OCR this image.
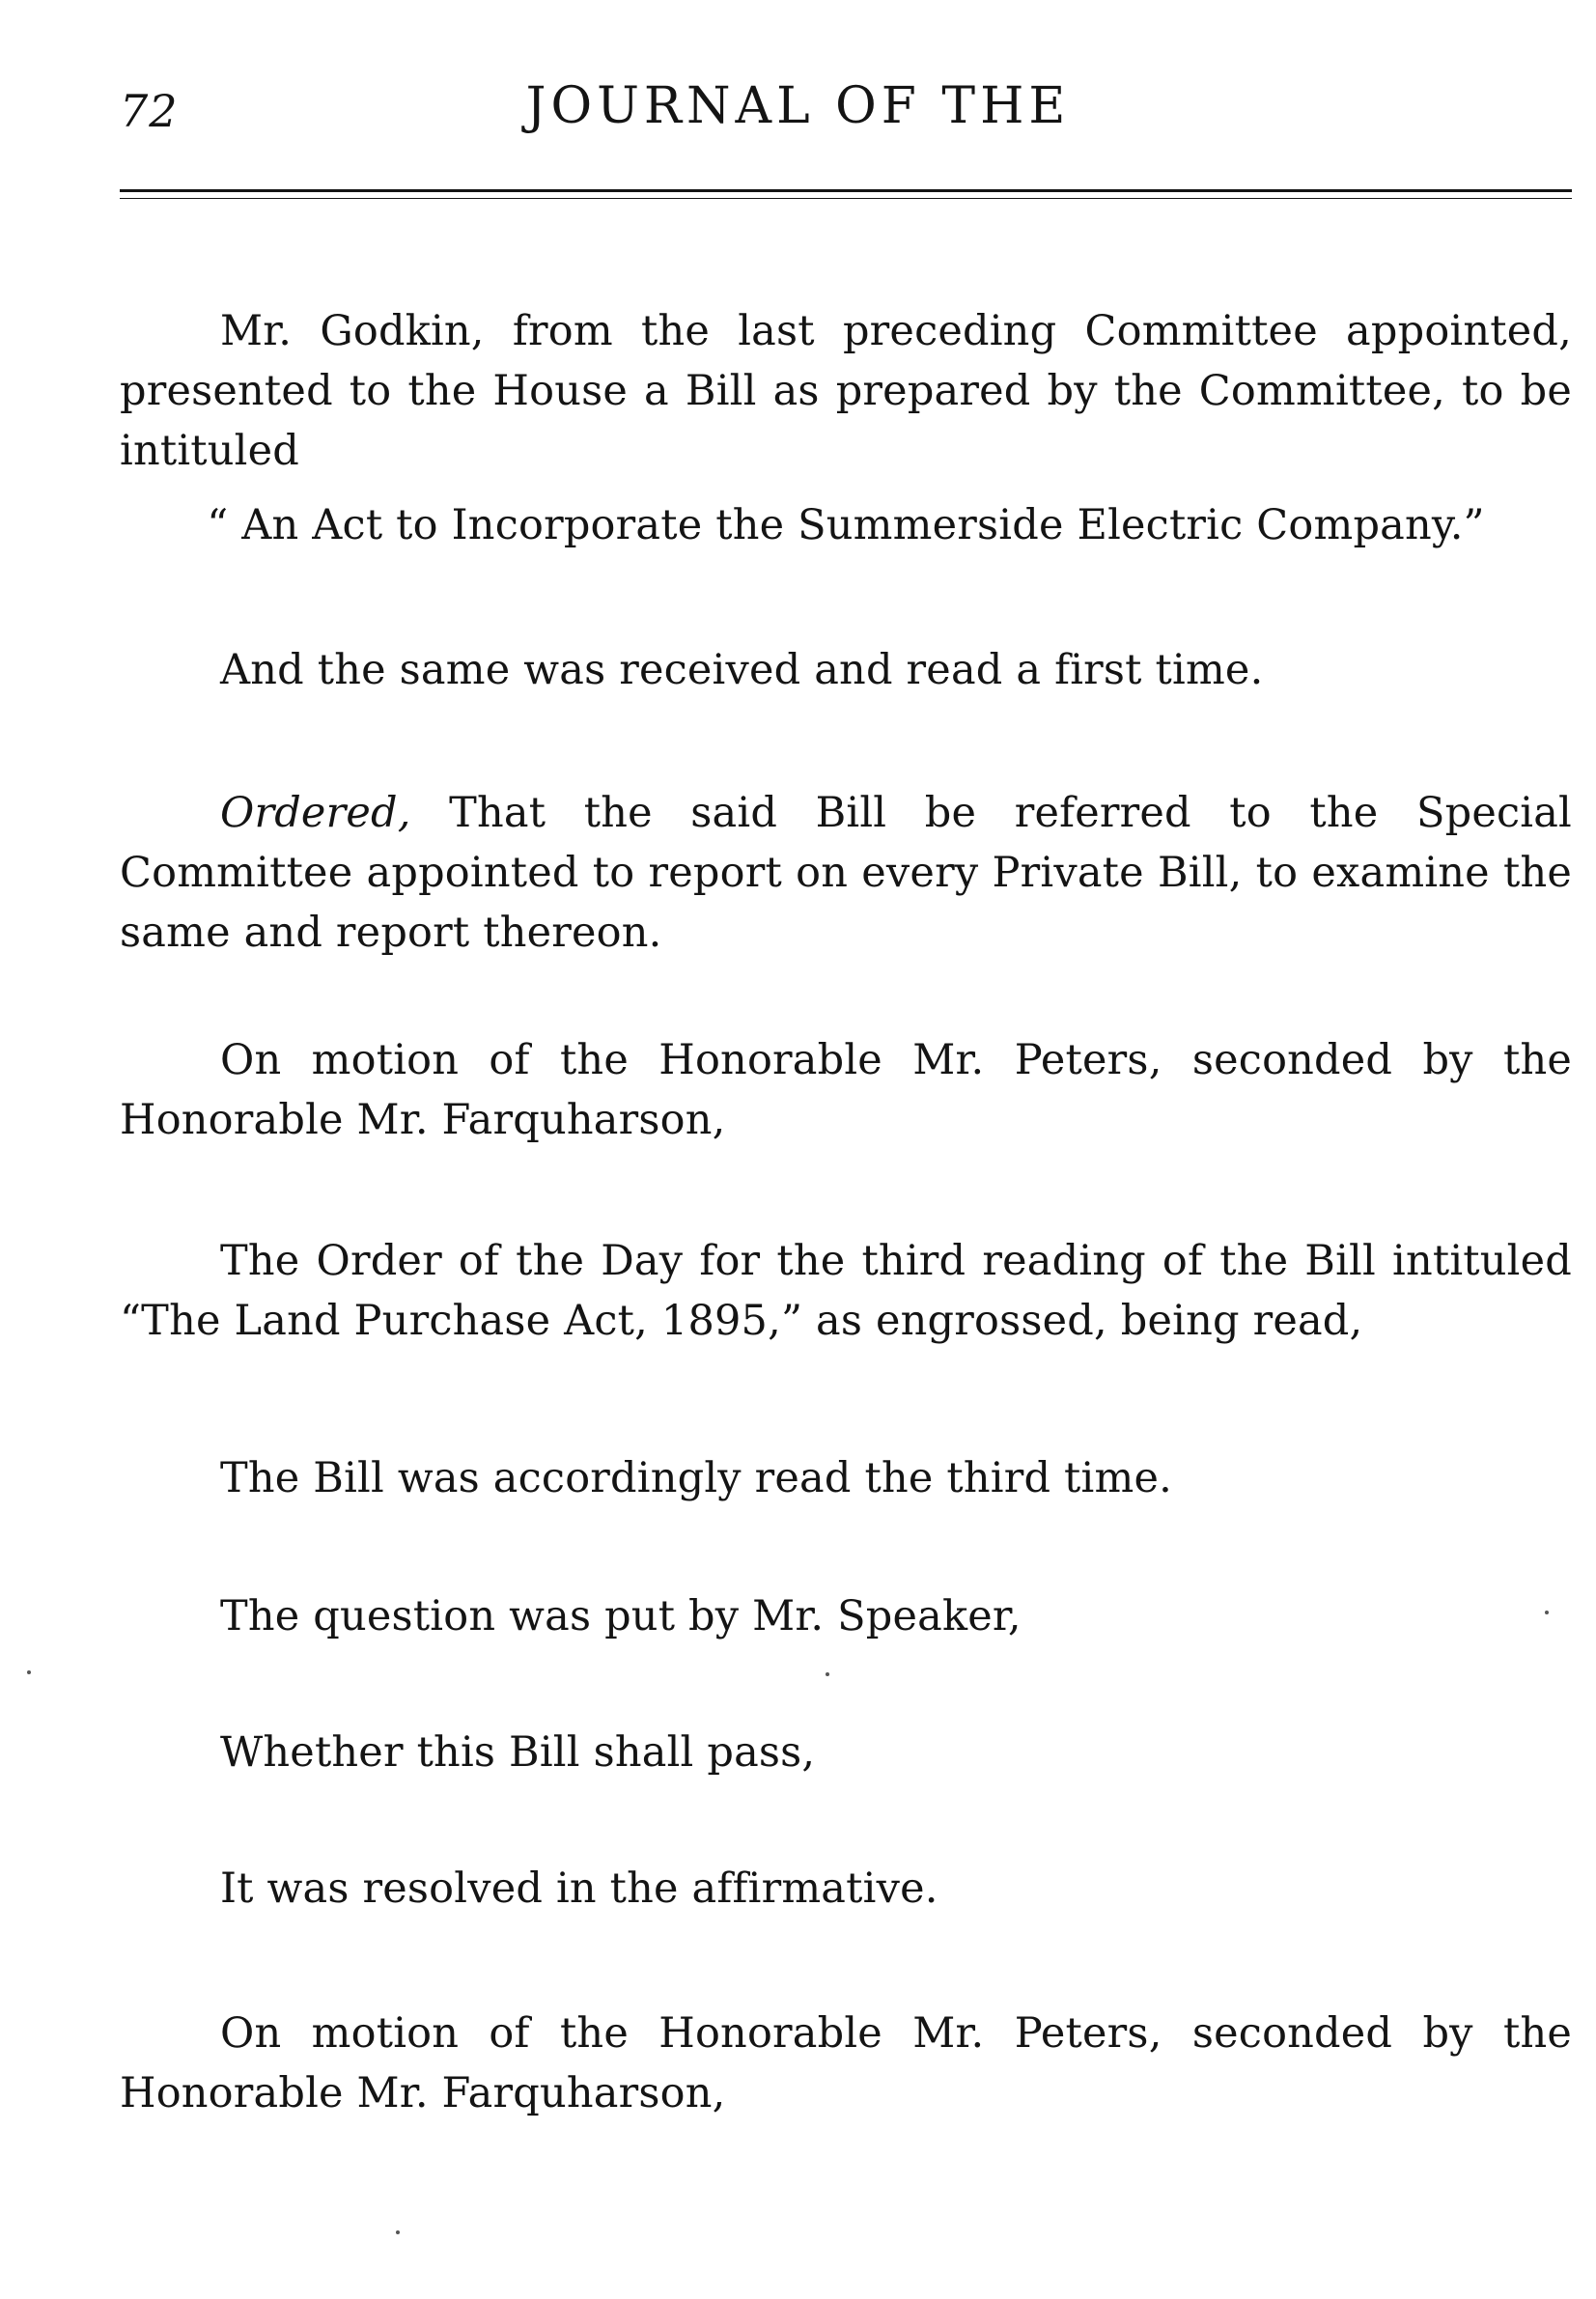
72	JOURNAL OF THE

Mr. Godkin, from the last preceding Committee appointed, presented to the House a Bill as prepared by the Committee, to be intituled

“ An Act to Incorporate the Summerside Electric Company.”

And the same was received and read a first time.

Ordered, That the said Bill be referred to the Special Committee appointed to report on every Private Bill, to examine the same and report thereon.

On motion of the Honorable Mr. Peters, seconded by the Honorable Mr. Farquharson,

The Order of the Day for the third reading of the Bill intituled “The Land Purchase Act, 1895,” as engrossed, being read,

The Bill was accordingly read the third time.

The question was put by Mr. Speaker,

Whether this Bill shall pass,

It was resolved in the affirmative.

On motion of the Honorable Mr. Peters, seconded by the Honorable Mr. Farquharson,
